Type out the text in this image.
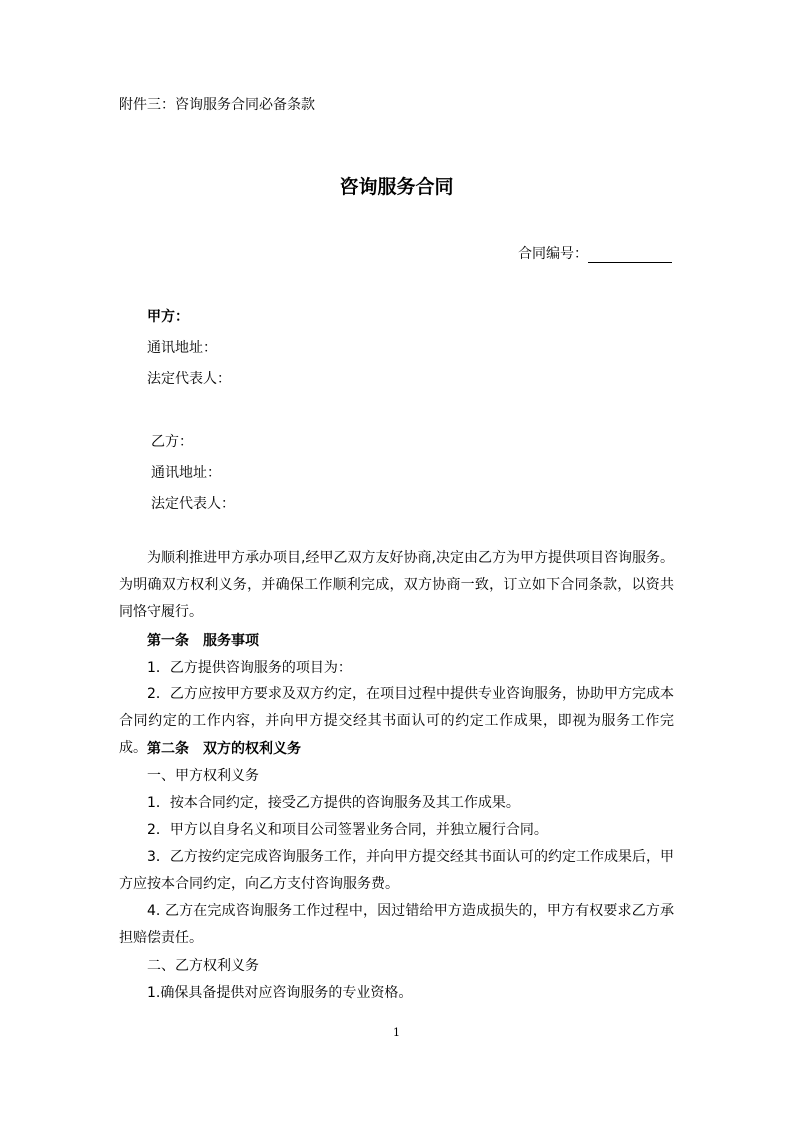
附件三：咨询服务合同必备条款
咨询服务合同
合同编号：
甲方：
通讯地址：
法定代表人：
乙方：
通讯地址：
法定代表人：
为顺利推进甲方承办项目,经甲乙双方友好协商,决定由乙方为甲方提供项目咨询服务。为明确双方权利义务，并确保工作顺利完成，双方协商一致，订立如下合同条款，以资共同恪守履行。
第一条　服务事项
1．乙方提供咨询服务的项目为：
2．乙方应按甲方要求及双方约定，在项目过程中提供专业咨询服务，协助甲方完成本合同约定的工作内容，并向甲方提交经其书面认可的约定工作成果，即视为服务工作完成。 第二条　双方的权利义务
一、甲方权利义务
1．按本合同约定，接受乙方提供的咨询服务及其工作成果。
2．甲方以自身名义和项目公司签署业务合同，并独立履行合同。
3．乙方按约定完成咨询服务工作，并向甲方提交经其书面认可的约定工作成果后，甲方应按本合同约定，向乙方支付咨询服务费。
4. 乙方在完成咨询服务工作过程中，因过错给甲方造成损失的，甲方有权要求乙方承担赔偿责任。
二、乙方权利义务
1.确保具备提供对应咨询服务的专业资格。
1
